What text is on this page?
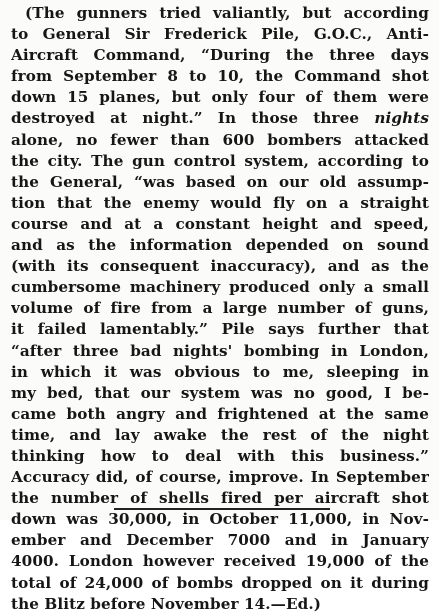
(The gunners tried valiantly, but according
to General Sir Frederick Pile, G.O.C., Anti-
Aircraft Command, “During the three days
from September 8 to 10, the Command shot
down 15 planes, but only four of them were
destroyed at night.” In those three nights
alone, no fewer than 600 bombers attacked
the city. The gun control system, according to
the General, “was based on our old assump-
tion that the enemy would fly on a straight
course and at a constant height and speed,
and as the information depended on sound
(with its consequent inaccuracy), and as the
cumbersome machinery produced only a small
volume of fire from a large number of guns,
it failed lamentably.” Pile says further that
“after three bad nights' bombing in London,
in which it was obvious to me, sleeping in
my bed, that our system was no good, I be-
came both angry and frightened at the same
time, and lay awake the rest of the night
thinking how to deal with this business.”
Accuracy did, of course, improve. In September
the number of shells fired per aircraft shot
down was 30,000, in October 11,000, in Nov-
ember and December 7000 and in January
4000. London however received 19,000 of the
total of 24,000 of bombs dropped on it during
the Blitz before November 14.—Ed.)
